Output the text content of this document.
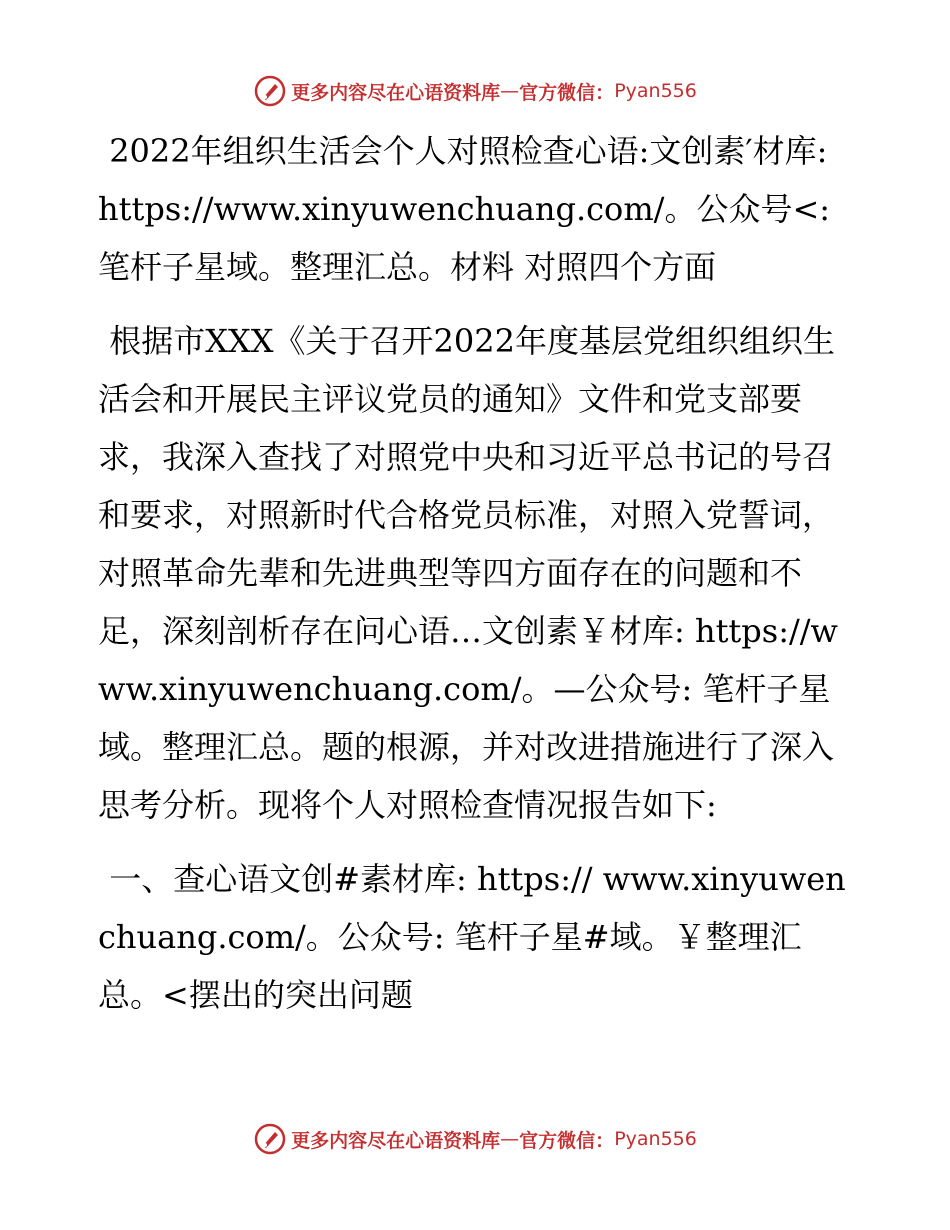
更多内容尽在心语资料库 — 官方微信： Pyan556

2022年组织生活会个人对照检查心语:文创素′材库: https://www.xinyuwenchuang.com/。公众号<: 笔杆子星域。整理汇总。材料 对照四个方面

根据市XXX《关于召开2022年度基层党组织组织生活会和开展民主评议党员的通知》文件和党支部要求，我深入查找了对照党中央和习近平总书记的号召和要求，对照新时代合格党员标准，对照入党誓词，对照革命先辈和先进典型等四方面存在的问题和不足，深刻剖析存在问心语…文创素￥材库: https://www.xinyuwenchuang.com/。—公众号: 笔杆子星域。整理汇总。题的根源，并对改进措施进行了深入思考分析。现将个人对照检查情况报告如下:

一、查心语文创#素材库: https:// www.xinyuwenchuang.com/。公众号: 笔杆子星#域。￥整理汇总。<摆出的突出问题

更多内容尽在心语资料库 — 官方微信： Pyan556
